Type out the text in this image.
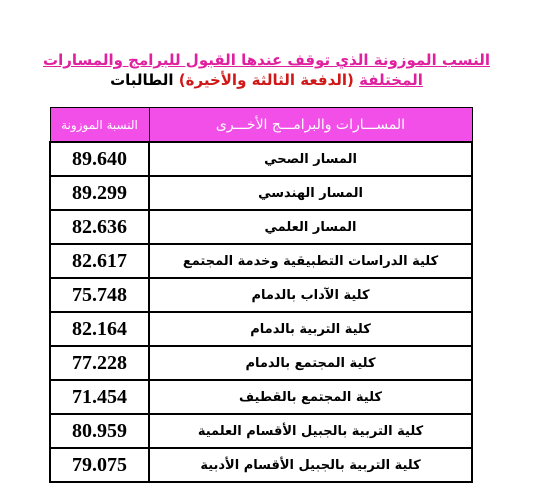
النسب الموزونة الذي توقف عندها القبول للبرامج والمسارات
المختلفة (الدفعة الثالثة والأخيرة) الطالبات
المســـارات والبرامـــج الأخـــرى	النسبة الموزونة
المسار الصحي	89.640
المسار الهندسي	89.299
المسار العلمي	82.636
كلية الدراسات التطبيقية وخدمة المجتمع	82.617
كلية الآداب بالدمام	75.748
كلية التربية بالدمام	82.164
كلية المجتمع بالدمام	77.228
كلية المجتمع بالقطيف	71.454
كلية التربية بالجبيل الأقسام العلمية	80.959
كلية التربية بالجبيل الأقسام الأدبية	79.075
